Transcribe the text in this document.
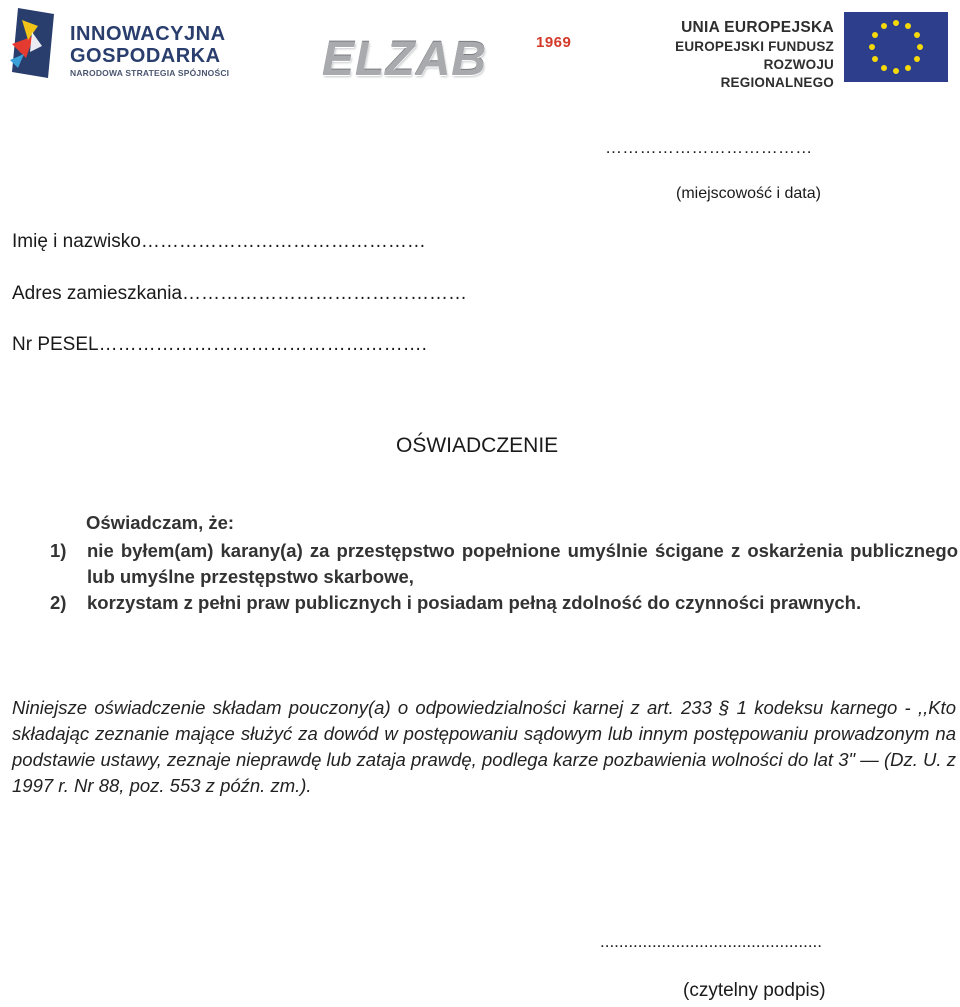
INNOWACYJNA
GOSPODARKA
NARODOWA STRATEGIA SPÓJNOŚCI ELZAB	1969
UNIA EUROPEJSKA
EUROPEJSKI FUNDUSZ
ROZWOJU REGIONALNEGO
………………………………
(miejscowość i data)
Imię i nazwisko………………………………………
Adres zamieszkania………………………………………
Nr PESEL…………………………………………….
OŚWIADCZENIE
Oświadczam, że:
1)	nie byłem(am) karany(a) za przestępstwo popełnione umyślnie ścigane z oskarżenia publicznego lub umyślne przestępstwo skarbowe,
2)	korzystam z pełni praw publicznych i posiadam pełną zdolność do czynności prawnych.
Niniejsze oświadczenie składam pouczony(a) o odpowiedzialności karnej z art. 233 § 1 kodeksu karnego - ,,Kto składając zeznanie mające służyć za dowód w postępowaniu sądowym lub innym postępowaniu prowadzonym na podstawie ustawy, zeznaje nieprawdę lub zataja prawdę, podlega karze pozbawienia wolności do lat 3" — (Dz. U. z 1997 r. Nr 88, poz. 553 z późn. zm.).
...............................................
(czytelny podpis)
